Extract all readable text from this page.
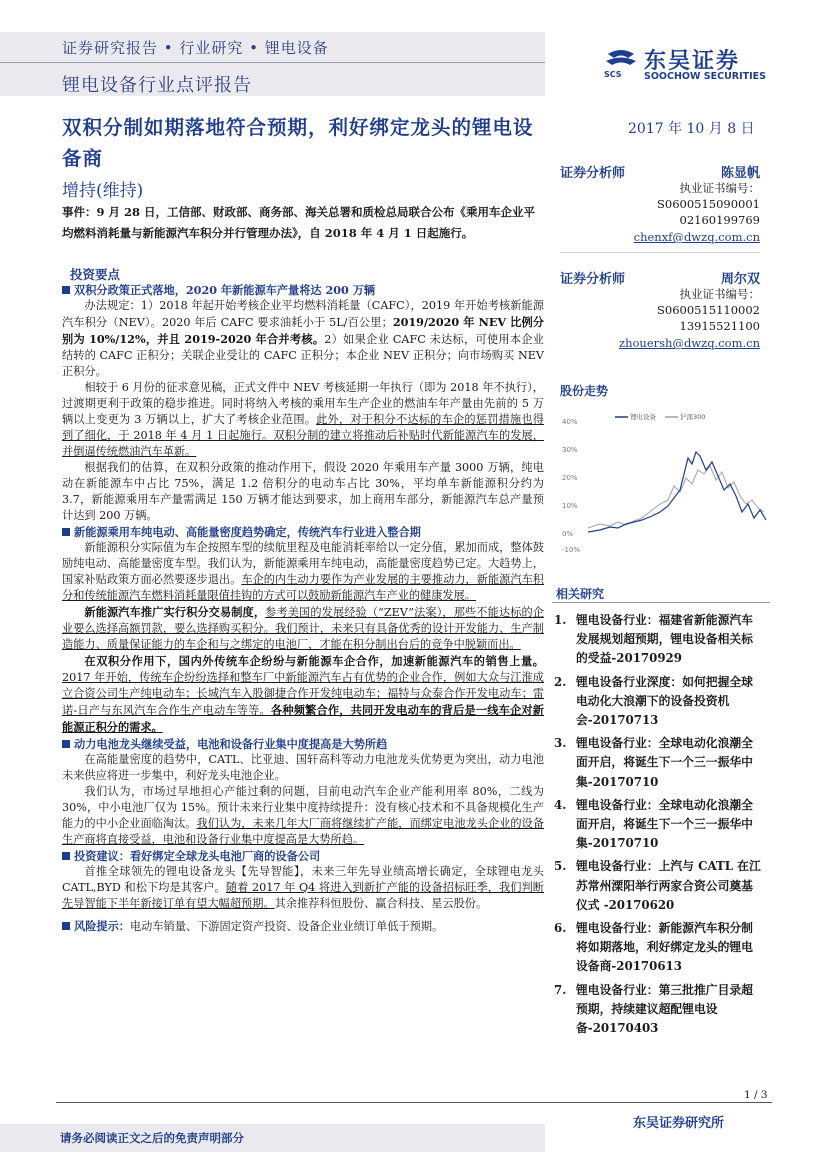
证券研究报告 • 行业研究 • 锂电设备
锂电设备行业点评报告
SCS
东吴证券
SOOCHOW SECURITIES
双积分制如期落地符合预期，利好绑定龙头的锂电设备商
增持(维持)
2017 年 10 月 8 日
事件：9 月 28 日，工信部、财政部、商务部、海关总署和质检总局联合公布《乘用车企业平均燃料消耗量与新能源汽车积分并行管理办法》，自 2018 年 4 月 1 日起施行。
投资要点
双积分政策正式落地，2020 年新能源车产量将达 200 万辆

办法规定：1）2018 年起开始考核企业平均燃料消耗量（CAFC），2019 年开始考核新能源汽车积分（NEV）。2020 年后 CAFC 要求油耗小于 5L/百公里；2019/2020 年 NEV 比例分别为 10%/12%，并且 2019-2020 年合并考核。2）如果企业 CAFC 未达标，可使用本企业结转的 CAFC 正积分；关联企业受让的 CAFC 正积分；本企业 NEV 正积分；向市场购买 NEV 正积分。

相较于 6 月份的征求意见稿，正式文件中 NEV 考核延期一年执行（即为 2018 年不执行），过渡期更利于政策的稳步推进。同时将纳入考核的乘用车生产企业的燃油车年产量由先前的 5 万辆以上变更为 3 万辆以上，扩大了考核企业范围。此外，对于积分不达标的车企的惩罚措施也得到了细化，于 2018 年 4 月 1 日起施行。双积分制的建立将推动后补贴时代新能源汽车的发展，并倒逼传统燃油汽车革新。

根据我们的估算，在双积分政策的推动作用下，假设 2020 年乘用车产量 3000 万辆，纯电动在新能源车中占比 75%，满足 1.2 倍积分的电动车占比 30%，平均单车新能源积分约为 3.7，新能源乘用车产量需满足 150 万辆才能达到要求，加上商用车部分，新能源汽车总产量预计达到 200 万辆。

新能源乘用车纯电动、高能量密度趋势确定，传统汽车行业进入整合期

新能源积分实际值为车企按照车型的续航里程及电能消耗率给以一定分值，累加而成，整体鼓励纯电动、高能量密度车型。我们认为，新能源乘用车纯电动，高能量密度趋势已定。大趋势上，国家补贴政策方面必然要逐步退出。车企的内生动力要作为产业发展的主要推动力，新能源汽车积分和传统能源汽车燃料消耗量限值挂钩的方式可以鼓励新能源汽车产业的健康发展。

新能源汽车推广实行积分交易制度，参考美国的发展经验（“ZEV”法案），那些不能达标的企业要么选择高额罚款，要么选择购买积分。我们预计，未来只有具备优秀的设计开发能力、生产制造能力、质量保证能力的车企和与之绑定的电池厂，才能在积分制出台后的竞争中脱颖而出。

在双积分作用下，国内外传统车企纷纷与新能源车企合作，加速新能源汽车的销售上量。2017 年开始，传统车企纷纷选择和整车厂中新能源汽车占有优势的企业合作，例如大众与江淮成立合资公司生产纯电动车；长城汽车入股御捷合作开发纯电动车；福特与众泰合作开发电动车；雷诺-日产与东风汽车合作生产电动车等等。各种频繁合作，共同开发电动车的背后是一线车企对新能源正积分的需求。

动力电池龙头继续受益，电池和设备行业集中度提高是大势所趋

在高能量密度的趋势中，CATL、比亚迪、国轩高科等动力电池龙头优势更为突出，动力电池未来供应将进一步集中，利好龙头电池企业。

我们认为，市场过早地担心产能过剩的问题，目前电动汽车企业产能利用率 80%，二线为 30%，中小电池厂仅为 15%。预计未来行业集中度持续提升：没有核心技术和不具备规模化生产能力的中小企业面临淘汰。我们认为，未来几年大厂商将继续扩产能，而绑定电池龙头企业的设备生产商将直接受益，电池和设备行业集中度提高是大势所趋。

投资建议：看好绑定全球龙头电池厂商的设备公司

首推全球领先的锂电设备龙头【先导智能】，未来三年先导业绩高增长确定，全球锂电龙头 CATL,BYD 和松下均是其客户。随着 2017 年 Q4 将进入到新扩产能的设备招标旺季，我们判断先导智能下半年新接订单有望大幅超预期。其余推荐科恒股份、赢合科技、星云股份。

风险提示： 电动车销量、下游固定资产投资、设备企业业绩订单低于预期。

证券分析师	陈显帆
执业证书编号：
S0600515090001
02160199769
chenxf@dwzq.com.cn
证券分析师	周尔双
执业证书编号：
S0600515110002
13915521100
zhouersh@dwzq.com.cn
股份走势
40%
30%
20%
10%
0%
-10%
锂电设备	沪深300
相关研究
1. 锂电设备行业：福建省新能源汽车发展规划超预期，锂电设备相关标的受益-20170929
2. 锂电设备行业深度：如何把握全球电动化大浪潮下的设备投资机会-20170713
3. 锂电设备行业：全球电动化浪潮全面开启，将诞生下一个三一振华中集-20170710
4. 锂电设备行业：全球电动化浪潮全面开启，将诞生下一个三一振华中集-20170710
5. 锂电设备行业：上汽与 CATL 在江苏常州溧阳举行两家合资公司奠基仪式 -20170620
6. 锂电设备行业：新能源汽车积分制将如期落地，利好绑定龙头的锂电设备商-20170613
7. 锂电设备行业：第三批推广目录超预期，持续建议超配锂电设备-20170403
1 / 3
东吴证券研究所
请务必阅读正文之后的免责声明部分
